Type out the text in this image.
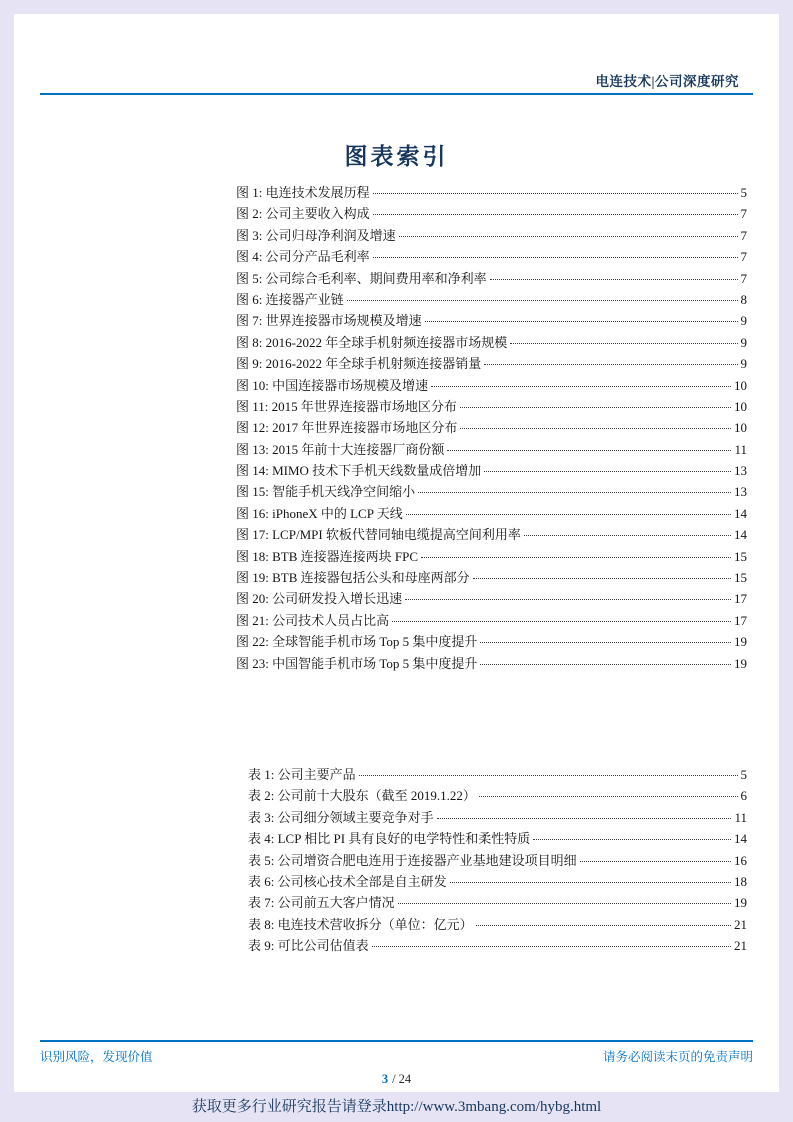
电连技术|公司深度研究
图表索引
图 1: 电连技术发展历程	5
图 2: 公司主要收入构成	7
图 3: 公司归母净利润及增速	7
图 4: 公司分产品毛利率	7
图 5: 公司综合毛利率、期间费用率和净利率	7
图 6: 连接器产业链	8
图 7: 世界连接器市场规模及增速	9
图 8: 2016-2022 年全球手机射频连接器市场规模	9
图 9: 2016-2022 年全球手机射频连接器销量	9
图 10: 中国连接器市场规模及增速	10
图 11: 2015 年世界连接器市场地区分布	10
图 12: 2017 年世界连接器市场地区分布	10
图 13: 2015 年前十大连接器厂商份额	11
图 14: MIMO 技术下手机天线数量成倍增加	13
图 15: 智能手机天线净空间缩小	13
图 16: iPhoneX 中的 LCP 天线	14
图 17: LCP/MPI 软板代替同轴电缆提高空间利用率	14
图 18: BTB 连接器连接两块 FPC	15
图 19: BTB 连接器包括公头和母座两部分	15
图 20: 公司研发投入增长迅速	17
图 21: 公司技术人员占比高	17
图 22: 全球智能手机市场 Top 5 集中度提升	19
图 23: 中国智能手机市场 Top 5 集中度提升	19
表 1: 公司主要产品	5
表 2: 公司前十大股东（截至 2019.1.22）	6
表 3: 公司细分领域主要竞争对手	11
表 4: LCP 相比 PI 具有良好的电学特性和柔性特质	14
表 5: 公司增资合肥电连用于连接器产业基地建设项目明细	16
表 6: 公司核心技术全部是自主研发	18
表 7: 公司前五大客户情况	19
表 8: 电连技术营收拆分（单位：亿元）	21
表 9: 可比公司估值表	21
识别风险，发现价值	请务必阅读末页的免责声明
3 / 24
获取更多行业研究报告请登录http://www.3mbang.com/hybg.html
